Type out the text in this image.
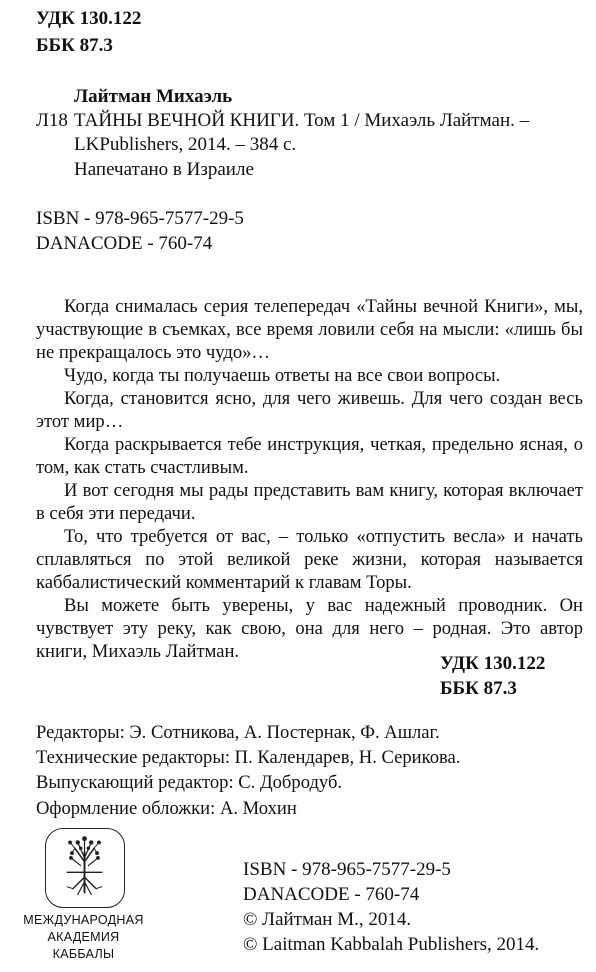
УДК 130.122
ББК 87.3
Лайтман Михаэль
Л18 ТАЙНЫ ВЕЧНОЙ КНИГИ. Том 1 / Михаэль Лайтман. –
LKPublishers, 2014. – 384 с.
Напечатано в Израиле
ISBN - 978-965-7577-29-5
DANACODE - 760-74

Когда снималась серия телепередач «Тайны вечной Книги», мы, участвующие в съемках, все время ловили себя на мысли: «лишь бы не прекращалось это чудо»…

Чудо, когда ты получаешь ответы на все свои вопросы.

Когда, становится ясно, для чего живешь. Для чего создан весь этот мир…

Когда раскрывается тебе инструкция, четкая, предельно ясная, о том, как стать счастливым.

И вот сегодня мы рады представить вам книгу, которая включает в себя эти передачи.

То, что требуется от вас, – только «отпустить весла» и начать сплавляться по этой великой реке жизни, которая называется каббалистический комментарий к главам Торы.

Вы можете быть уверены, у вас надежный проводник. Он чувствует эту реку, как свою, она для него – родная. Это автор книги, Михаэль Лайтман.

УДК 130.122
ББК 87.3
Редакторы: Э. Сотникова, А. Постернак, Ф. Ашлаг.
Технические редакторы: П. Календарев, Н. Серикова.
Выпускающий редактор: С. Добродуб.
Оформление обложки: А. Мохин
МЕЖДУНАРОДНАЯ
АКАДЕМИЯ
КАББАЛЫ
ISBN - 978-965-7577-29-5
DANACODE - 760-74
© Лайтман М., 2014.
© Laitman Kabbalah Publishers, 2014.
